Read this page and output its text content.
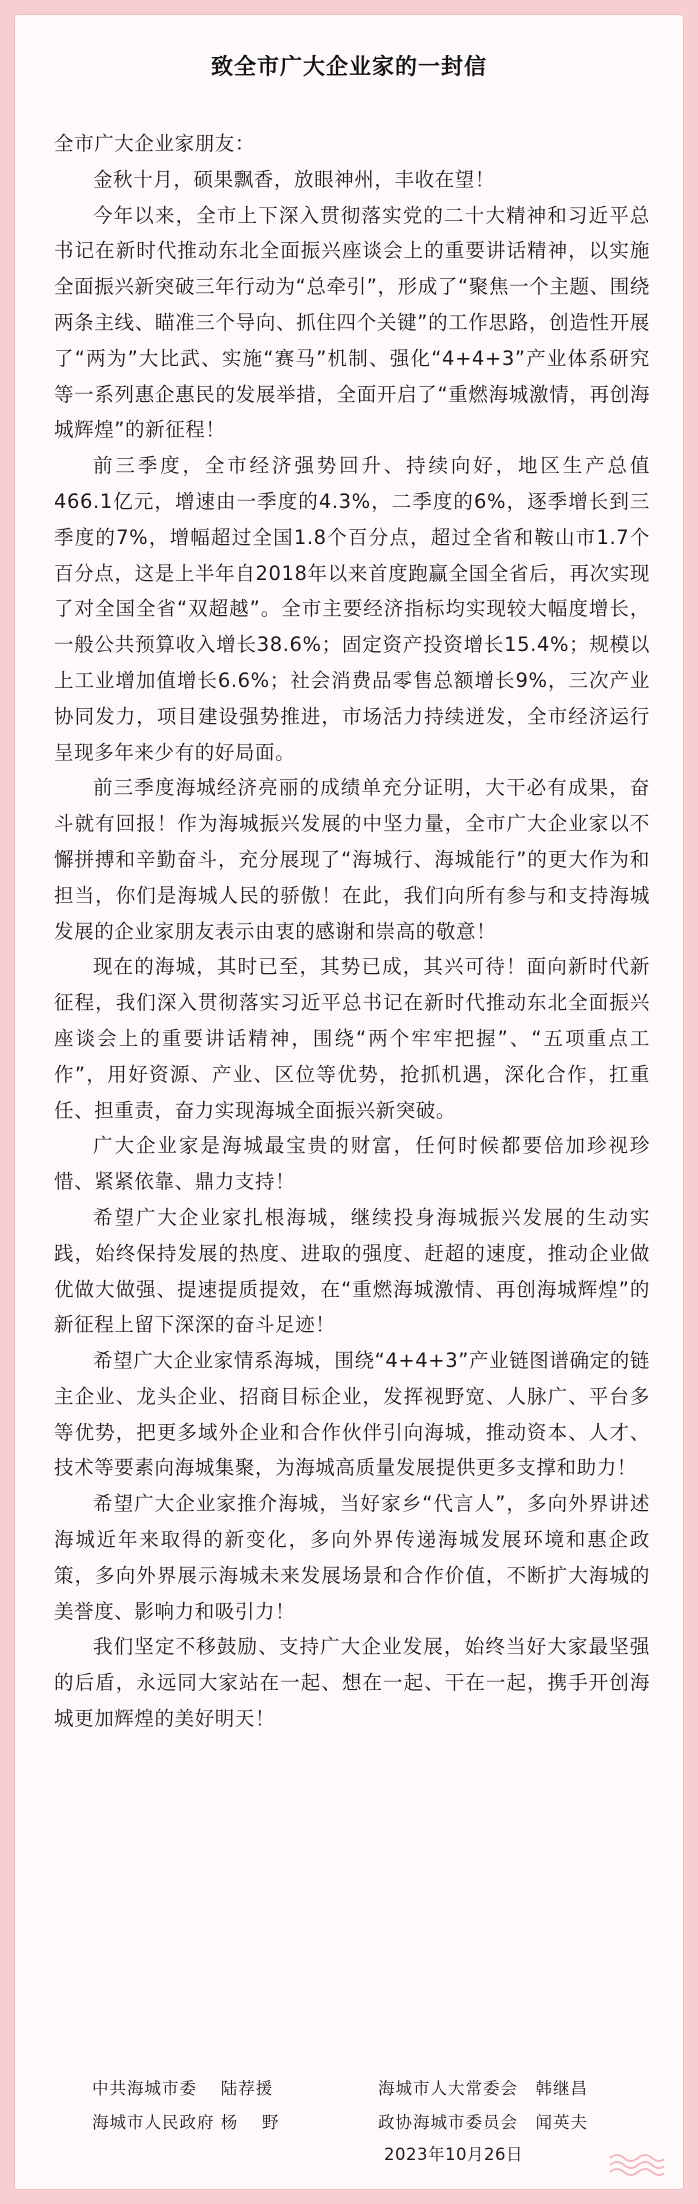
致全市广大企业家的一封信

全市广大企业家朋友：

金秋十月，硕果飘香，放眼神州，丰收在望！

今年以来，全市上下深入贯彻落实党的二十大精神和习近平总书记在新时代推动东北全面振兴座谈会上的重要讲话精神，以实施全面振兴新突破三年行动为“总牵引”，形成了“聚焦一个主题、围绕两条主线、瞄准三个导向、抓住四个关键”的工作思路，创造性开展了“两为”大比武、实施“赛马”机制、强化“4+4+3”产业体系研究等一系列惠企惠民的发展举措，全面开启了“重燃海城激情，再创海城辉煌”的新征程！

前三季度，全市经济强势回升、持续向好，地区生产总值466.1亿元，增速由一季度的4.3%，二季度的6%，逐季增长到三季度的7%，增幅超过全国1.8个百分点，超过全省和鞍山市1.7个百分点，这是上半年自2018年以来首度跑赢全国全省后，再次实现了对全国全省“双超越”。全市主要经济指标均实现较大幅度增长，一般公共预算收入增长38.6%；固定资产投资增长15.4%；规模以上工业增加值增长6.6%；社会消费品零售总额增长9%，三次产业协同发力，项目建设强势推进，市场活力持续迸发，全市经济运行呈现多年来少有的好局面。

前三季度海城经济亮丽的成绩单充分证明，大干必有成果，奋斗就有回报！作为海城振兴发展的中坚力量，全市广大企业家以不懈拼搏和辛勤奋斗，充分展现了“海城行、海城能行”的更大作为和担当，你们是海城人民的骄傲！在此，我们向所有参与和支持海城发展的企业家朋友表示由衷的感谢和崇高的敬意！

现在的海城，其时已至，其势已成，其兴可待！面向新时代新征程，我们深入贯彻落实习近平总书记在新时代推动东北全面振兴座谈会上的重要讲话精神，围绕“两个牢牢把握”、“五项重点工作”，用好资源、产业、区位等优势，抢抓机遇，深化合作，扛重任、担重责，奋力实现海城全面振兴新突破。

广大企业家是海城最宝贵的财富，任何时候都要倍加珍视珍惜、紧紧依靠、鼎力支持！

希望广大企业家扎根海城，继续投身海城振兴发展的生动实践，始终保持发展的热度、进取的强度、赶超的速度，推动企业做优做大做强、提速提质提效，在“重燃海城激情、再创海城辉煌”的新征程上留下深深的奋斗足迹！

希望广大企业家情系海城，围绕“4+4+3”产业链图谱确定的链主企业、龙头企业、招商目标企业，发挥视野宽、人脉广、平台多等优势，把更多域外企业和合作伙伴引向海城，推动资本、人才、技术等要素向海城集聚，为海城高质量发展提供更多支撑和助力！

希望广大企业家推介海城，当好家乡“代言人”，多向外界讲述海城近年来取得的新变化，多向外界传递海城发展环境和惠企政策，多向外界展示海城未来发展场景和合作价值，不断扩大海城的美誉度、影响力和吸引力！

我们坚定不移鼓励、支持广大企业发展，始终当好大家最坚强的后盾，永远同大家站在一起、想在一起、干在一起，携手开创海城更加辉煌的美好明天！

中共海城市委　 陆荐援	海城市人大常委会　韩继昌
海城市人民政府 杨　 野	政协海城市委员会　闻英夫
2023年10月26日
